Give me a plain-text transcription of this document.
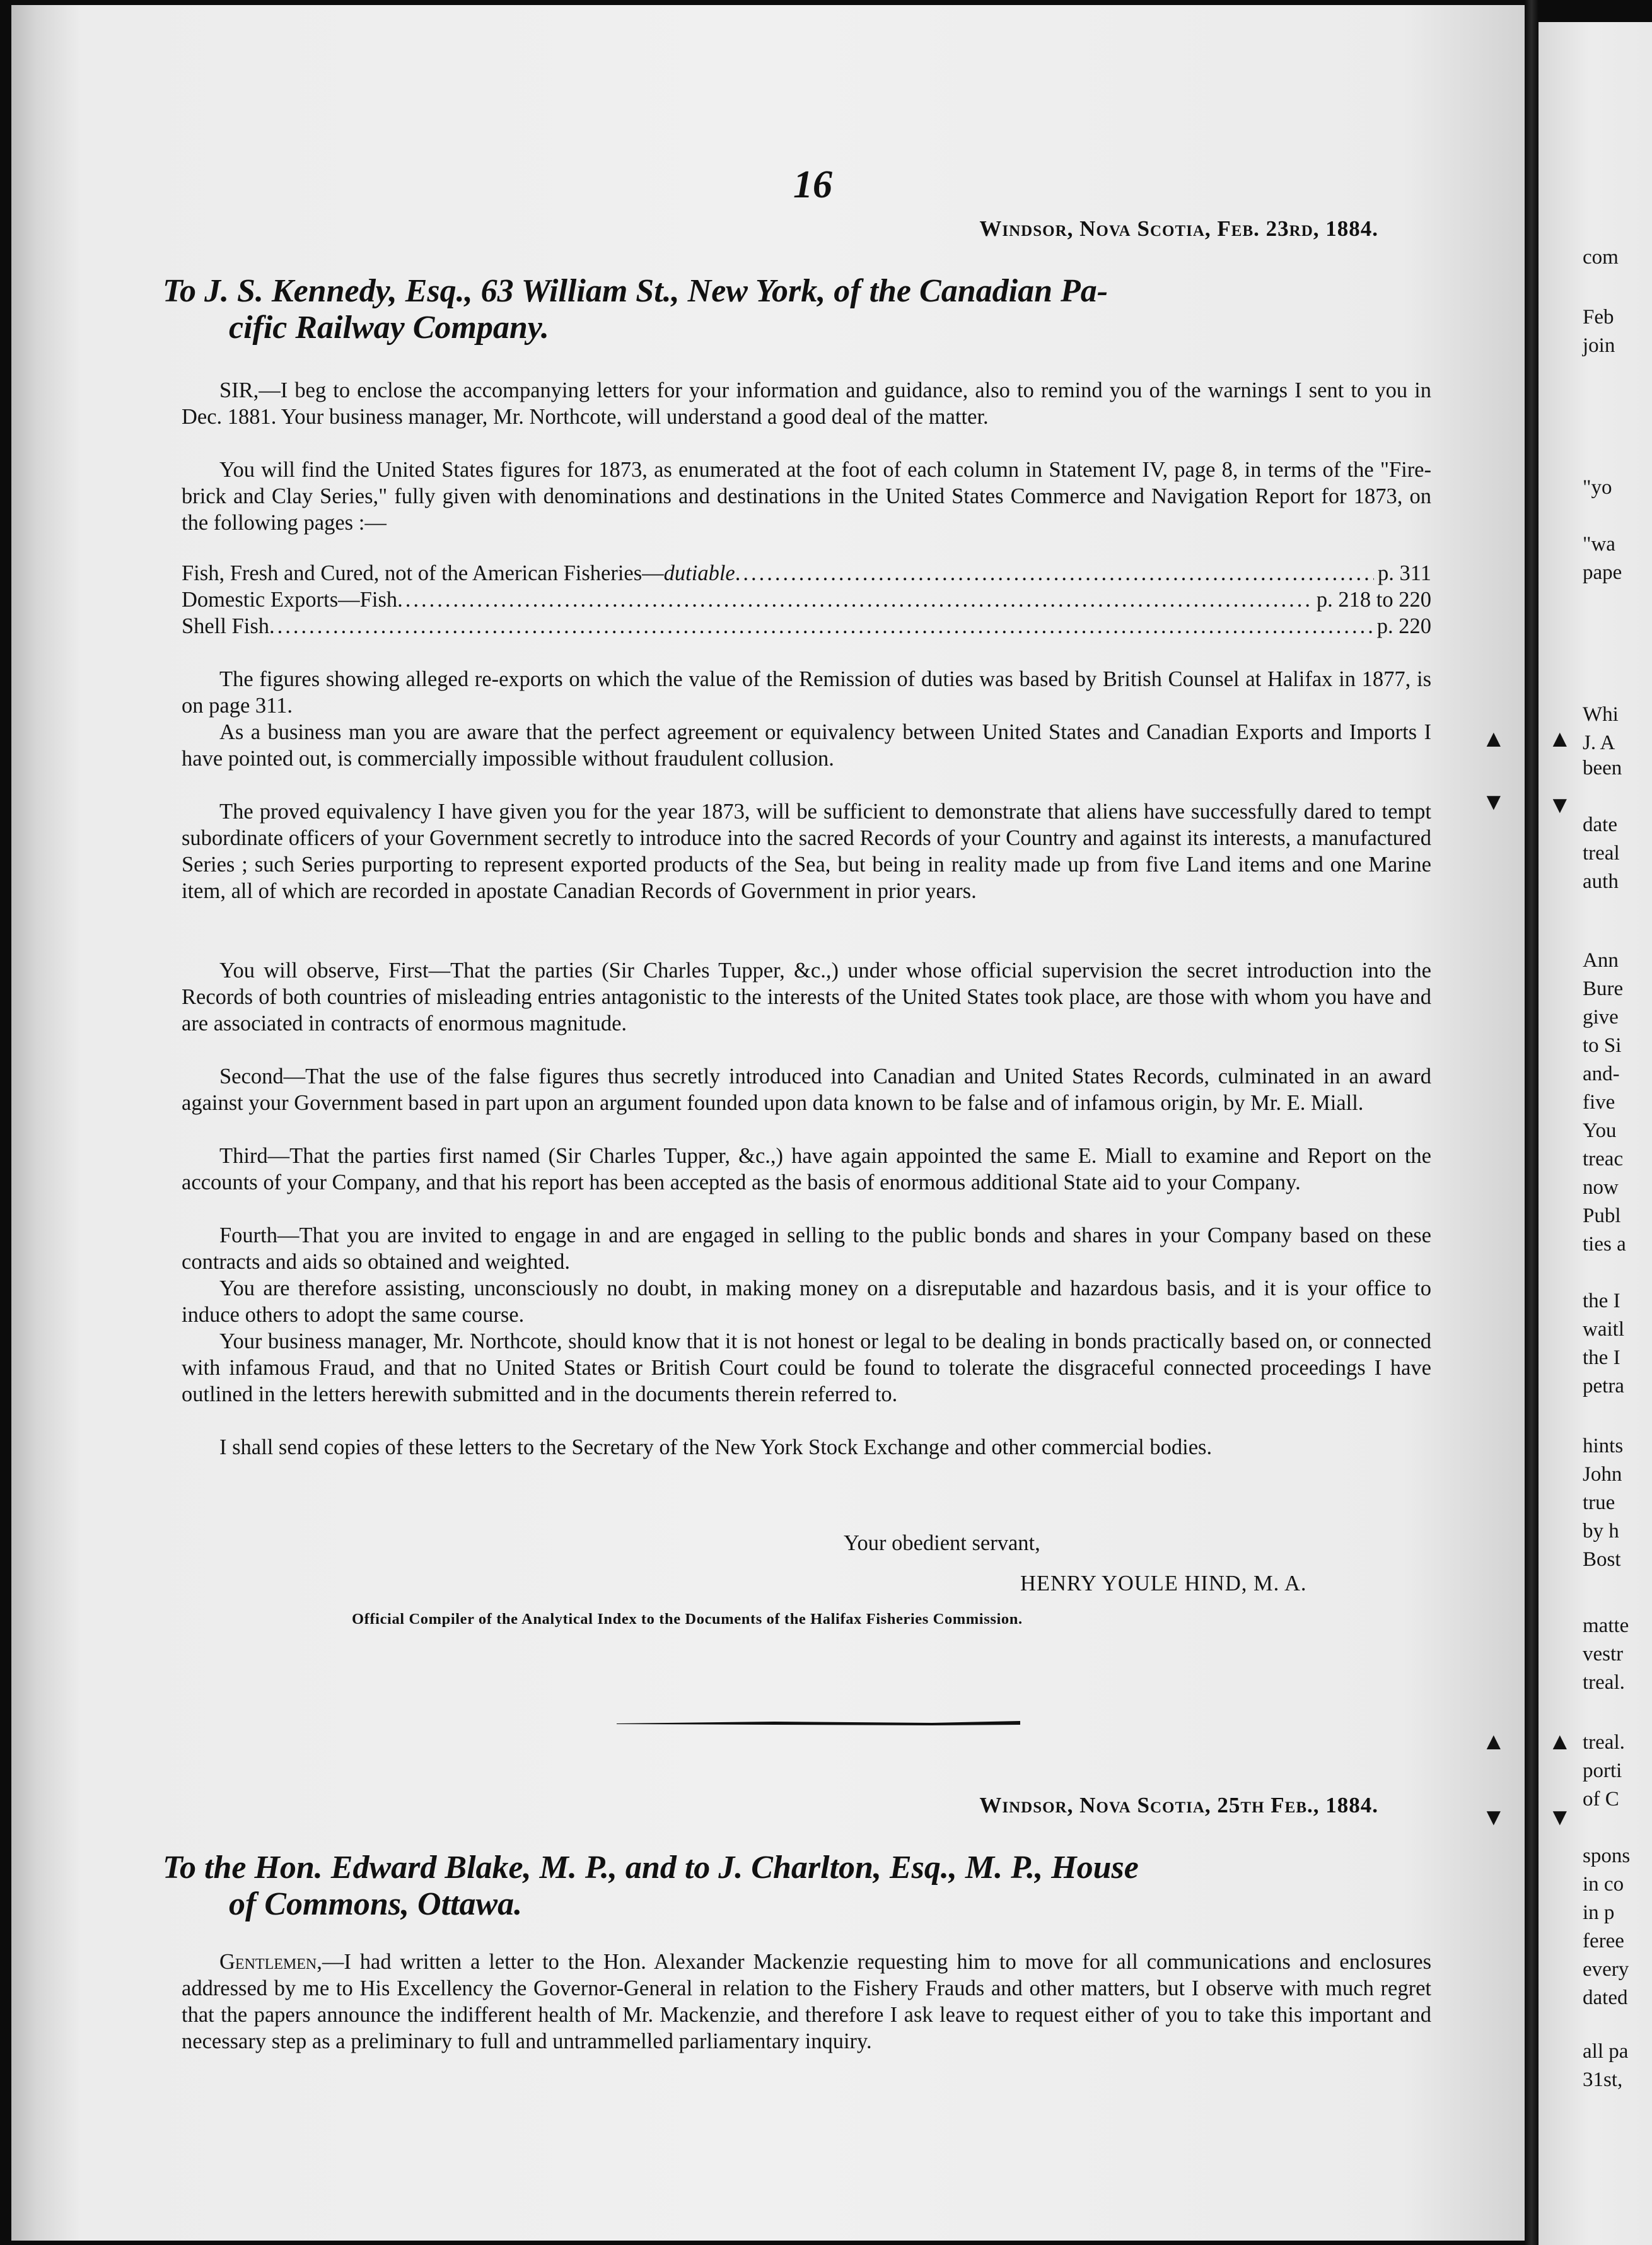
16
Windsor, Nova Scotia, Feb. 23rd, 1884.
To J. S. Kennedy, Esq., 63 William St., New York, of the Canadian Pa-
cific Railway Company.

SIR,—I beg to enclose the accompanying letters for your information and guidance, also to remind you of the warnings I sent to you in Dec. 1881. Your business manager, Mr. Northcote, will understand a good deal of the matter.

You will find the United States figures for 1873, as enumerated at the foot of each column in Statement IV, page 8, in terms of the "Fire-brick and Clay Series," fully given with denominations and destinations in the United States Commerce and Navigation Report for 1873, on the following pages :—

Fish, Fresh and Cured, not of the American Fisheries—dutiable .....	p. 311
Domestic Exports—Fish .....	p. 218 to 220
Shell Fish .....	p. 220

The figures showing alleged re-exports on which the value of the Remission of duties was based by British Counsel at Halifax in 1877, is on page 311.

As a business man you are aware that the perfect agreement or equivalency between United States and Canadian Exports and Imports I have pointed out, is commercially impossible without fraudulent collusion.

The proved equivalency I have given you for the year 1873, will be sufficient to demonstrate that aliens have successfully dared to tempt subordinate officers of your Government secretly to introduce into the sacred Records of your Country and against its interests, a manufactured Series ; such Series purporting to represent exported products of the Sea, but being in reality made up from five Land items and one Marine item, all of which are recorded in apostate Canadian Records of Government in prior years.

You will observe, First—That the parties (Sir Charles Tupper, &c.,) under whose official supervision the secret introduction into the Records of both countries of misleading entries antagonistic to the interests of the United States took place, are those with whom you have and are associated in contracts of enormous magnitude.

Second—That the use of the false figures thus secretly introduced into Canadian and United States Records, culminated in an award against your Government based in part upon an argument founded upon data known to be false and of infamous origin, by Mr. E. Miall.

Third—That the parties first named (Sir Charles Tupper, &c.,) have again appointed the same E. Miall to examine and Report on the accounts of your Company, and that his report has been accepted as the basis of enormous additional State aid to your Company.

Fourth—That you are invited to engage in and are engaged in selling to the public bonds and shares in your Company based on these contracts and aids so obtained and weighted.

You are therefore assisting, unconsciously no doubt, in making money on a disreputable and hazardous basis, and it is your office to induce others to adopt the same course.

Your business manager, Mr. Northcote, should know that it is not honest or legal to be dealing in bonds practically based on, or connected with infamous Fraud, and that no United States or British Court could be found to tolerate the disgraceful connected proceedings I have outlined in the letters herewith submitted and in the documents therein referred to.

I shall send copies of these letters to the Secretary of the New York Stock Exchange and other commercial bodies.

Your obedient servant,
HENRY YOULE HIND, M. A.
Official Compiler of the Analytical Index to the Documents of the Halifax Fisheries Commission.
Windsor, Nova Scotia, 25th Feb., 1884.
To the Hon. Edward Blake, M. P., and to J. Charlton, Esq., M. P., House
of Commons, Ottawa.

Gentlemen,—I had written a letter to the Hon. Alexander Mackenzie requesting him to move for all communications and enclosures addressed by me to His Excellency the Governor-General in relation to the Fishery Frauds and other matters, but I observe with much regret that the papers announce the indifferent health of Mr. Mackenzie, and therefore I ask leave to request either of you to take this important and necessary step as a preliminary to full and untrammelled parliamentary inquiry.

com
Feb
join
"yo
"wa
pape
Whi
J. A
been
date
treal
auth
Ann
Bure
give
to Si
and-
five
You
treac
now
Publ
ties a
the I
waitl
the I
petra
hints
John
true
by h
Bost
matte
vestr
treal.
treal.
porti
of C
spons
in co
in p
feree
every
dated
all pa
31st,
▲
▼
▲
▼
▲
▼
▲
▼
